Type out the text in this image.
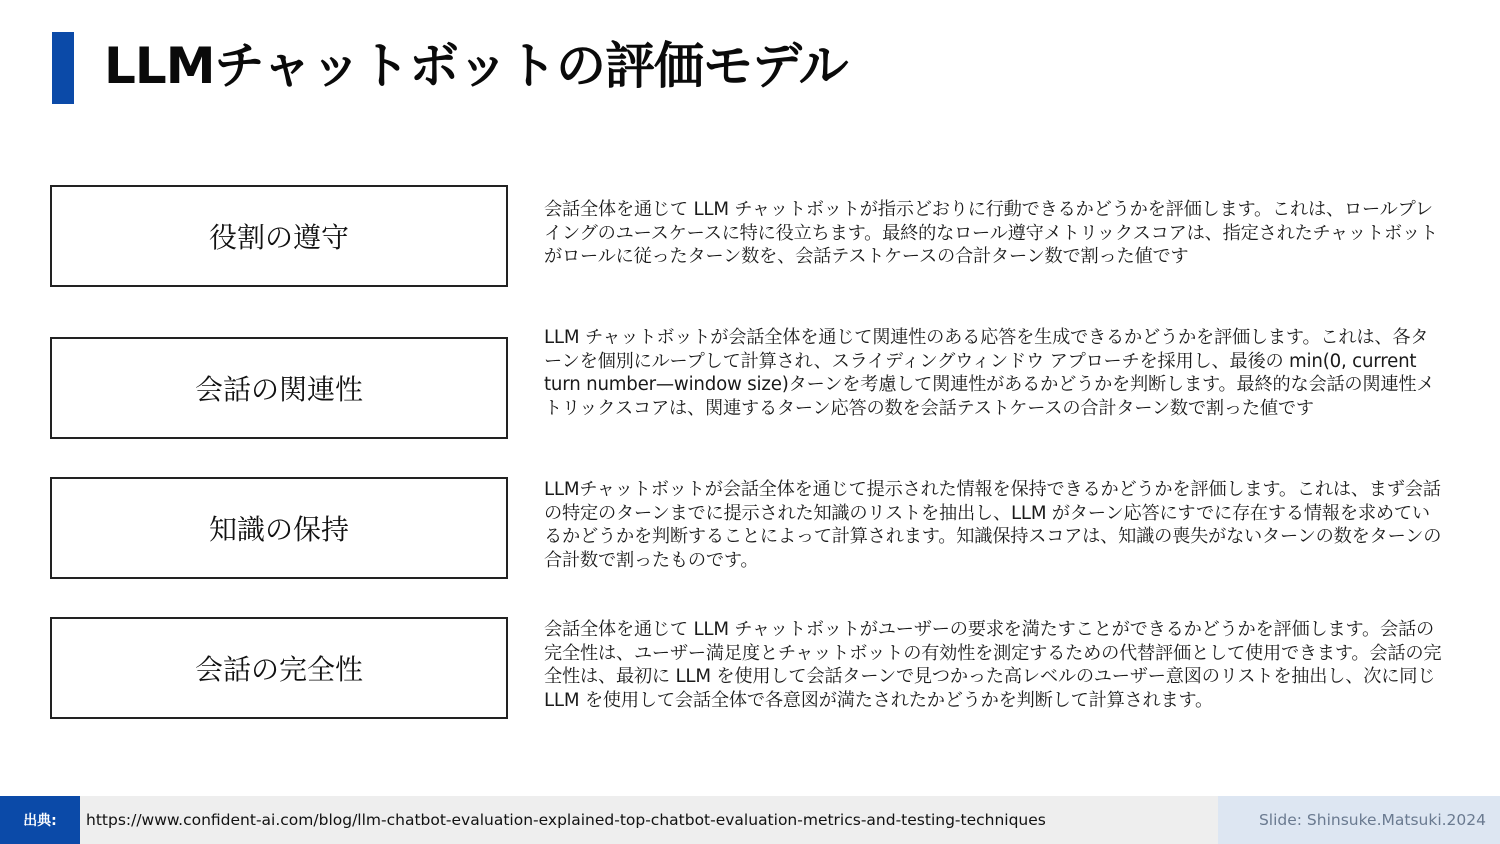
LLMチャットボットの評価モデル
役割の遵守
会話全体を通じて LLM チャットボットが指示どおりに行動できるかどうかを評価します。これは、ロールプレイングのユースケースに特に役立ちます。最終的なロール遵守メトリックスコアは、指定されたチャットボットがロールに従ったターン数を、会話テストケースの合計ターン数で割った値です
会話の関連性
LLM チャットボットが会話全体を通じて関連性のある応答を生成できるかどうかを評価します。これは、各ターンを個別にループして計算され、スライディングウィンドウ アプローチを採用し、最後の min(0, current turn number—window size)ターンを考慮して関連性があるかどうかを判断します。最終的な会話の関連性メトリックスコアは、関連するターン応答の数を会話テストケースの合計ターン数で割った値です
知識の保持
LLMチャットボットが会話全体を通じて提示された情報を保持できるかどうかを評価します。これは、まず会話の特定のターンまでに提示された知識のリストを抽出し、LLM がターン応答にすでに存在する情報を求めているかどうかを判断することによって計算されます。知識保持スコアは、知識の喪失がないターンの数をターンの合計数で割ったものです。
会話の完全性
会話全体を通じて LLM チャットボットがユーザーの要求を満たすことができるかどうかを評価します。会話の完全性は、ユーザー満足度とチャットボットの有効性を測定するための代替評価として使用できます。会話の完全性は、最初に LLM を使用して会話ターンで見つかった高レベルのユーザー意図のリストを抽出し、次に同じ LLM を使用して会話全体で各意図が満たされたかどうかを判断して計算されます。
出典:	https://www.confident-ai.com/blog/llm-chatbot-evaluation-explained-top-chatbot-evaluation-metrics-and-testing-techniques	Slide: Shinsuke.Matsuki.2024
